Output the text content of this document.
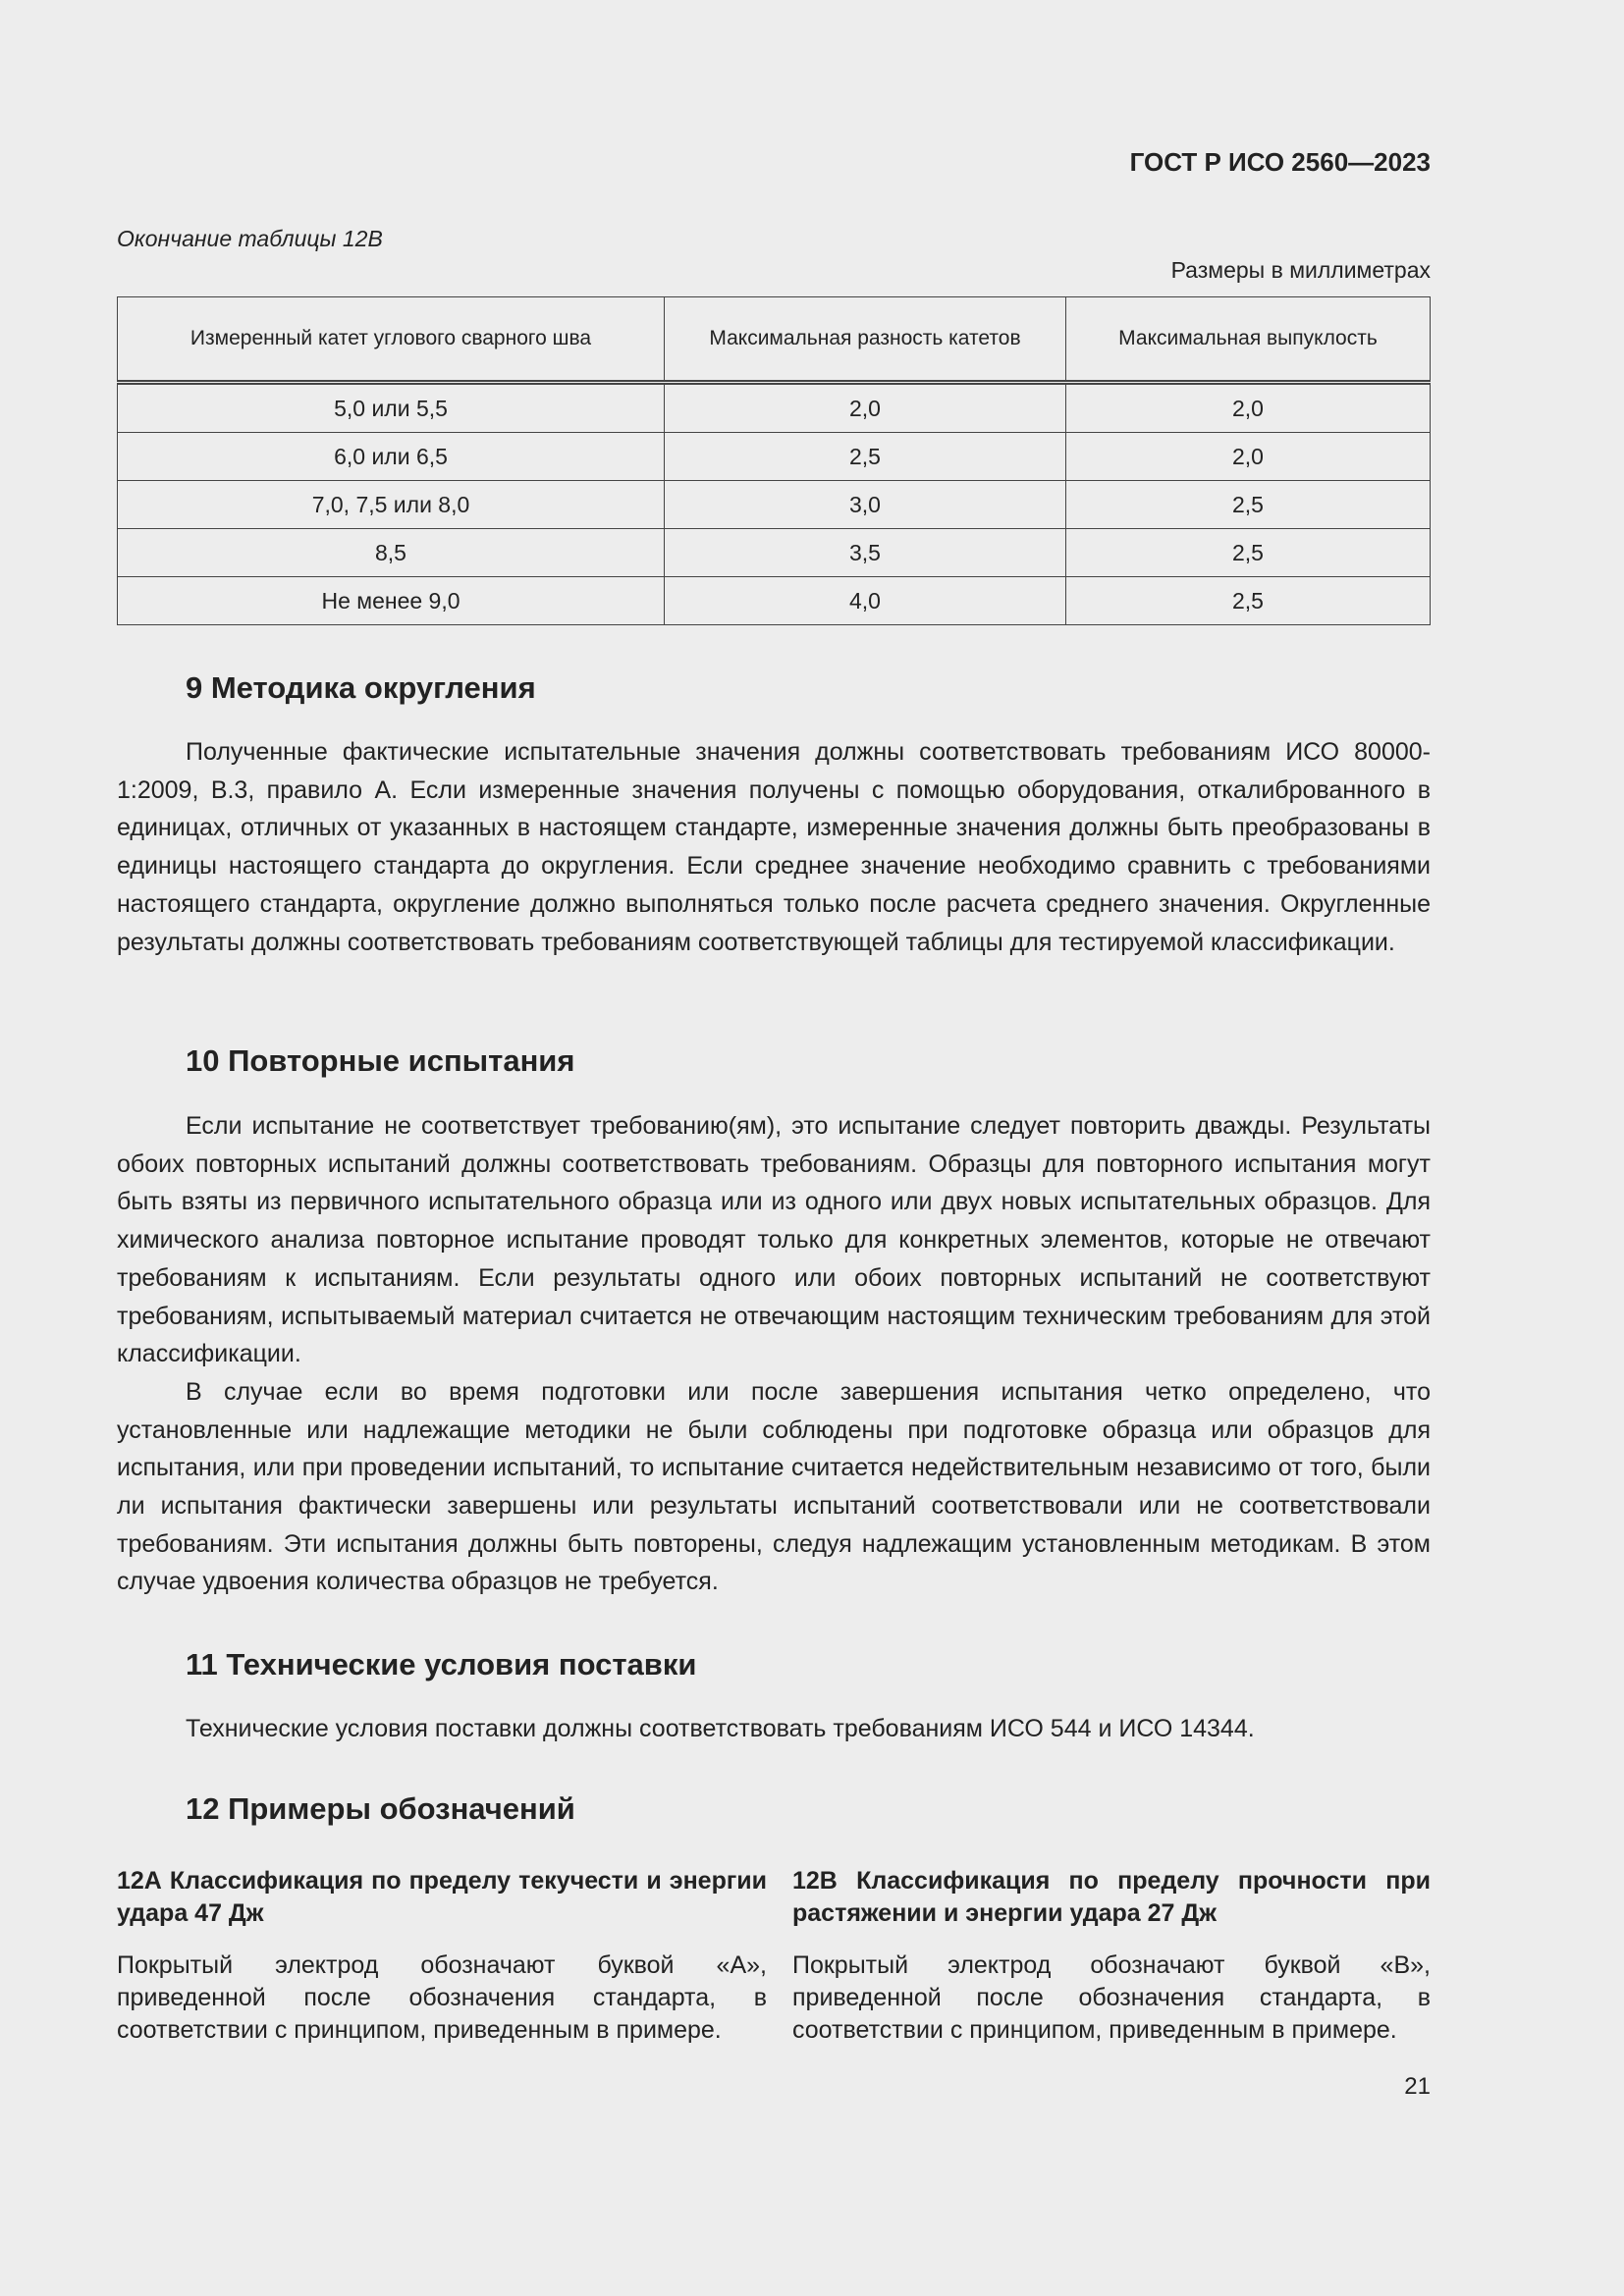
ГОСТ Р ИСО 2560—2023
Окончание таблицы 12В
Размеры в миллиметрах
Измеренный катет углового сварного шва	Максимальная разность катетов	Максимальная выпуклость
5,0 или 5,5	2,0	2,0
6,0 или 6,5	2,5	2,0
7,0, 7,5 или 8,0	3,0	2,5
8,5	3,5	2,5
Не менее 9,0	4,0	2,5
9 Методика округления

Полученные фактические испытательные значения должны соответствовать требованиям ИСО 80000-1:2009, B.3, правило А. Если измеренные значения получены с помощью оборудования, откалиброванного в единицах, отличных от указанных в настоящем стандарте, измеренные значения должны быть преобразованы в единицы настоящего стандарта до округления. Если среднее значение необходимо сравнить с требованиями настоящего стандарта, округление должно выполняться только после расчета среднего значения. Округленные результаты должны соответствовать требованиям соответствующей таблицы для тестируемой классификации.

10 Повторные испытания

Если испытание не соответствует требованию(ям), это испытание следует повторить дважды. Результаты обоих повторных испытаний должны соответствовать требованиям. Образцы для повторного испытания могут быть взяты из первичного испытательного образца или из одного или двух новых испытательных образцов. Для химического анализа повторное испытание проводят только для конкретных элементов, которые не отвечают требованиям к испытаниям. Если результаты одного или обоих повторных испытаний не соответствуют требованиям, испытываемый материал считается не отвечающим настоящим техническим требованиям для этой классификации.

В случае если во время подготовки или после завершения испытания четко определено, что установленные или надлежащие методики не были соблюдены при подготовке образца или образцов для испытания, или при проведении испытаний, то испытание считается недействительным независимо от того, были ли испытания фактически завершены или результаты испытаний соответствовали или не соответствовали требованиям. Эти испытания должны быть повторены, следуя надлежащим установленным методикам. В этом случае удвоения количества образцов не требуется.

11 Технические условия поставки

Технические условия поставки должны соответствовать требованиям ИСО 544 и ИСО 14344.

12 Примеры обозначений
12А Классификация по пределу текучести и энергии удара 47 Дж
Покрытый электрод обозначают буквой «А», приведенной после обозначения стандарта, в соответствии с принципом, приведенным в примере.
12В Классификация по пределу прочности при растяжении и энергии удара 27 Дж
Покрытый электрод обозначают буквой «В», приведенной после обозначения стандарта, в соответствии с принципом, приведенным в примере.
21
